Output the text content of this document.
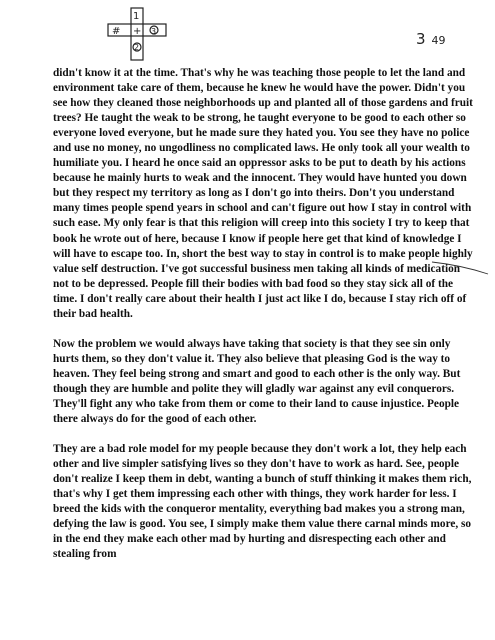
1
# + 3
2	3 49

didn't know it at the time. That's why he was teaching those people to let the land and environment take care of them, because he knew he would have the power. Didn't you see how they cleaned those neighborhoods up and planted all of those gardens and fruit trees? He taught the weak to be strong, he taught everyone to be good to each other so everyone loved everyone, but he made sure they hated you. You see they have no police and use no money, no ungodliness no complicated laws. He only took all your wealth to humiliate you. I heard he once said an oppressor asks to be put to death by his actions because he mainly hurts to weak and the innocent. They would have hunted you down but they respect my territory as long as I don't go into theirs. Don't you understand many times people spend years in school and can't figure out how I stay in control with such ease. My only fear is that this religion will creep into this society I try to keep that book he wrote out of here, because I know if people here get that kind of knowledge I will have to escape too. In, short the best way to stay in control is to make people highly value self destruction. I've got successful business men taking all kinds of medication not to be depressed. People fill their bodies with bad food so they stay sick all of the time. I don't really care about their health I just act like I do, because I stay rich off of their bad health.

Now the problem we would always have taking that society is that they see sin only hurts them, so they don't value it. They also believe that pleasing God is the way to heaven. They feel being strong and smart and good to each other is the only way. But though they are humble and polite they will gladly war against any evil conquerors. They'll fight any who take from them or come to their land to cause injustice. People there always do for the good of each other.

They are a bad role model for my people because they don't work a lot, they help each other and live simpler satisfying lives so they don't have to work as hard. See, people don't realize I keep them in debt, wanting a bunch of stuff thinking it makes them rich, that's why I get them impressing each other with things, they work harder for less. I breed the kids with the conqueror mentality, everything bad makes you a strong man, defying the law is good. You see, I simply make them value there carnal minds more, so in the end they make each other mad by hurting and disrespecting each other and stealing from
